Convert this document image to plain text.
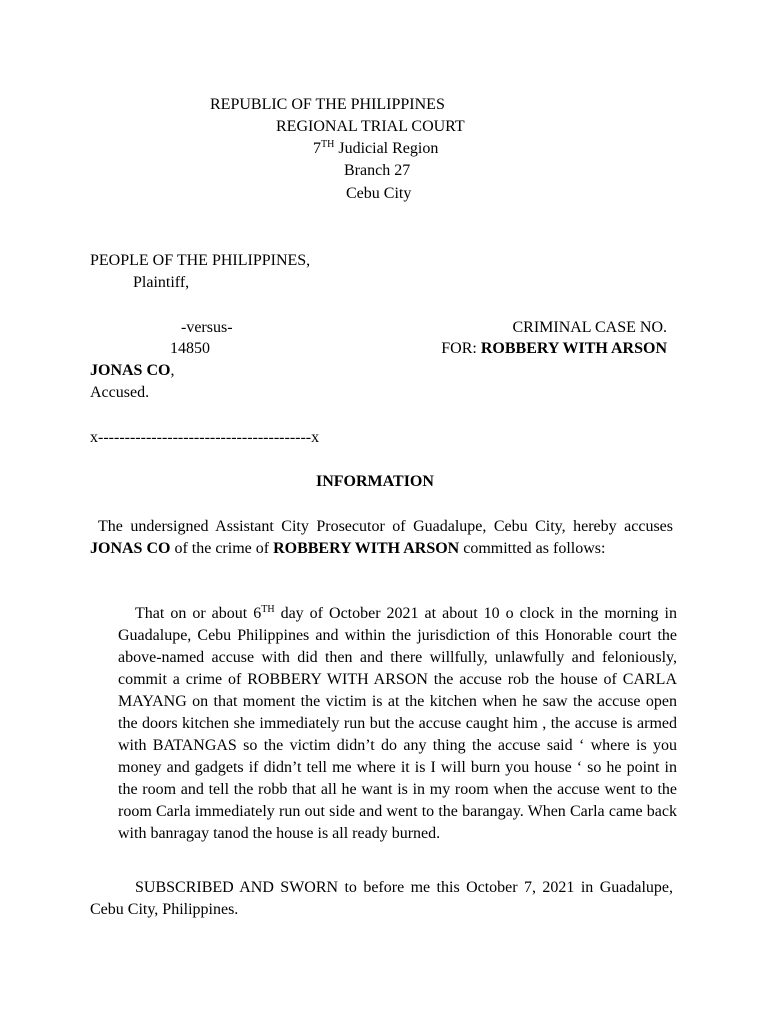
REPUBLIC OF THE PHILIPPINES
REGIONAL TRIAL COURT
7TH Judicial Region
Branch 27
Cebu City
PEOPLE OF THE PHILIPPINES,
Plaintiff,
-versus-	CRIMINAL CASE NO.
14850	FOR: ROBBERY WITH ARSON
JONAS CO,
Accused.
x----------------------------------------x
INFORMATION
The undersigned Assistant City Prosecutor of Guadalupe, Cebu City, hereby accuses JONAS CO of the crime of ROBBERY WITH ARSON committed as follows:
That on or about 6TH day of October 2021 at about 10 o clock in the morning in Guadalupe, Cebu Philippines and within the jurisdiction of this Honorable court the above-named accuse with did then and there willfully, unlawfully and feloniously, commit a crime of ROBBERY WITH ARSON the accuse rob the house of CARLA MAYANG on that moment the victim is at the kitchen when he saw the accuse open the doors kitchen she immediately run but the accuse caught him , the accuse is armed with BATANGAS so the victim didn’t do any thing the accuse said ‘ where is you money and gadgets if didn’t tell me where it is I will burn you house ‘ so he point in the room and tell the robb that all he want is in my room when the accuse went to the room Carla immediately run out side and went to the barangay. When Carla came back with banragay tanod the house is all ready burned.
SUBSCRIBED AND SWORN to before me this October 7, 2021 in Guadalupe, Cebu City, Philippines.
